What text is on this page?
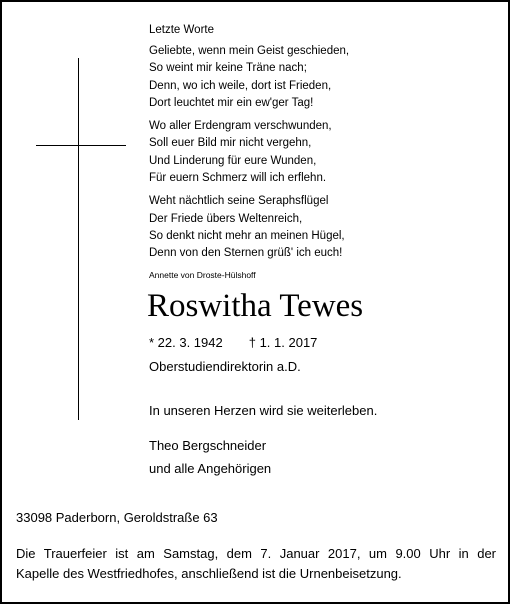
Letzte Worte
Geliebte, wenn mein Geist geschieden,
So weint mir keine Träne nach;
Denn, wo ich weile, dort ist Frieden,
Dort leuchtet mir ein ew'ger Tag!
Wo aller Erdengram verschwunden,
Soll euer Bild mir nicht vergehn,
Und Linderung für eure Wunden,
Für euern Schmerz will ich erflehn.
Weht nächtlich seine Seraphsflügel
Der Friede übers Weltenreich,
So denkt nicht mehr an meinen Hügel,
Denn von den Sternen grüß' ich euch!
Annette von Droste-Hülshoff
Roswitha Tewes
* 22. 3. 1942 † 1. 1. 2017
Oberstudiendirektorin a.D.
In unseren Herzen wird sie weiterleben.
Theo Bergschneider
und alle Angehörigen
33098 Paderborn, Geroldstraße 63
Die Trauerfeier ist am Samstag, dem 7. Januar 2017, um 9.00 Uhr in der
Kapelle des Westfriedhofes, anschließend ist die Urnenbeisetzung.
